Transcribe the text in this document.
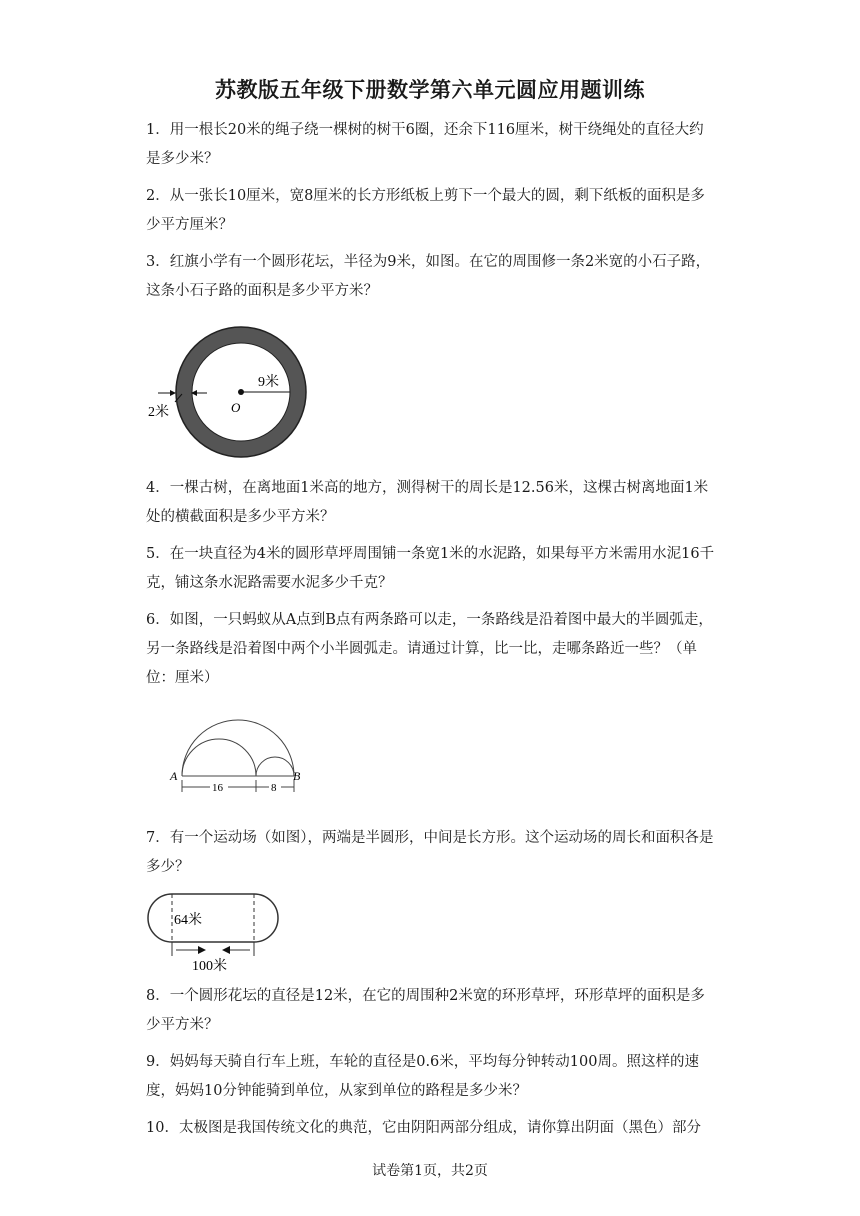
苏教版五年级下册数学第六单元圆应用题训练

1．用一根长20米的绳子绕一棵树的树干6圈，还余下116厘米，树干绕绳处的直径大约是多少米？

2．从一张长10厘米，宽8厘米的长方形纸板上剪下一个最大的圆，剩下纸板的面积是多少平方厘米？

3．红旗小学有一个圆形花坛，半径为9米，如图。在它的周围修一条2米宽的小石子路，这条小石子路的面积是多少平方米？

O
9米
2米

4．一棵古树，在离地面1米高的地方，测得树干的周长是12.56米，这棵古树离地面1米处的横截面积是多少平方米？

5．在一块直径为4米的圆形草坪周围铺一条宽1米的水泥路，如果每平方米需用水泥16千克，铺这条水泥路需要水泥多少千克？

6．如图，一只蚂蚁从A点到B点有两条路可以走，一条路线是沿着图中最大的半圆弧走，另一条路线是沿着图中两个小半圆弧走。请通过计算，比一比，走哪条路近一些？（单位：厘米）

A	B
16	8

7．有一个运动场（如图），两端是半圆形，中间是长方形。这个运动场的周长和面积各是多少？

64米
100米

8．一个圆形花坛的直径是12米，在它的周围种2米宽的环形草坪，环形草坪的面积是多少平方米？

9．妈妈每天骑自行车上班，车轮的直径是0.6米，平均每分钟转动100周。照这样的速度，妈妈10分钟能骑到单位，从家到单位的路程是多少米？

10．太极图是我国传统文化的典范，它由阴阳两部分组成，请你算出阴面（黑色）部分

试卷第1页，共2页
